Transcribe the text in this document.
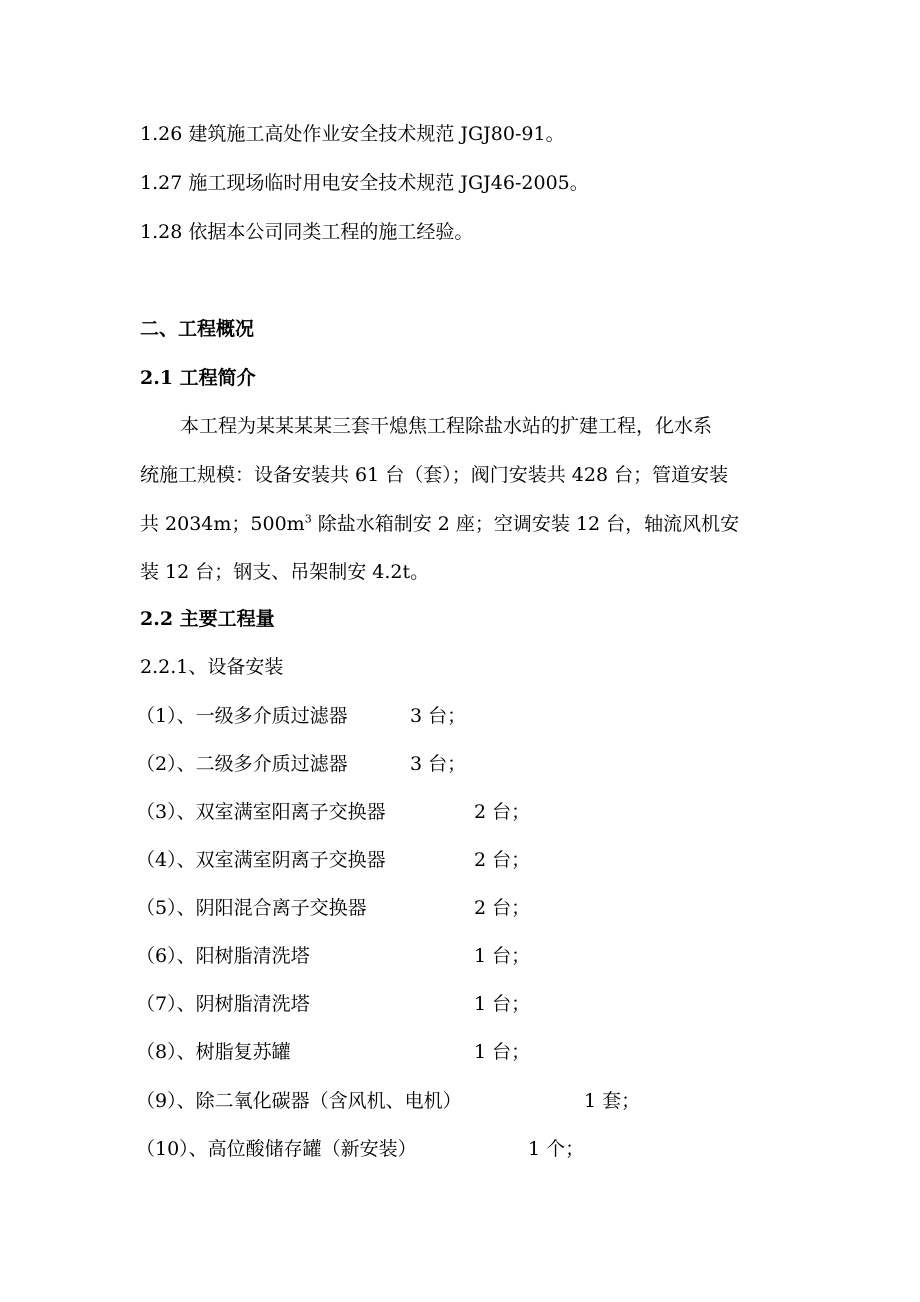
1.26 建筑施工高处作业安全技术规范 JGJ80-91。
1.27 施工现场临时用电安全技术规范 JGJ46-2005。
1.28 依据本公司同类工程的施工经验。
二、工程概况
2.1 工程简介
本工程为某某某某三套干熄焦工程除盐水站的扩建工程，化水系
统施工规模：设备安装共 61 台（套）；阀门安装共 428 台；管道安装
共 2034m；$500m^3$ 除盐水箱制安 2 座；空调安装 12 台，轴流风机安
装 12 台；钢支、吊架制安 4.2t。
2.2 主要工程量
2.2.1、设备安装
（1）、一级多介质过滤器	3 台；
（2）、二级多介质过滤器	3 台；
（3）、双室满室阳离子交换器	2 台；
（4）、双室满室阴离子交换器	2 台；
（5）、阴阳混合离子交换器	2 台；
（6）、阳树脂清洗塔	1 台；
（7）、阴树脂清洗塔	1 台；
（8）、树脂复苏罐	1 台；
（9）、除二氧化碳器（含风机、电机）	1 套；
（10）、高位酸储存罐（新安装）	1 个；
